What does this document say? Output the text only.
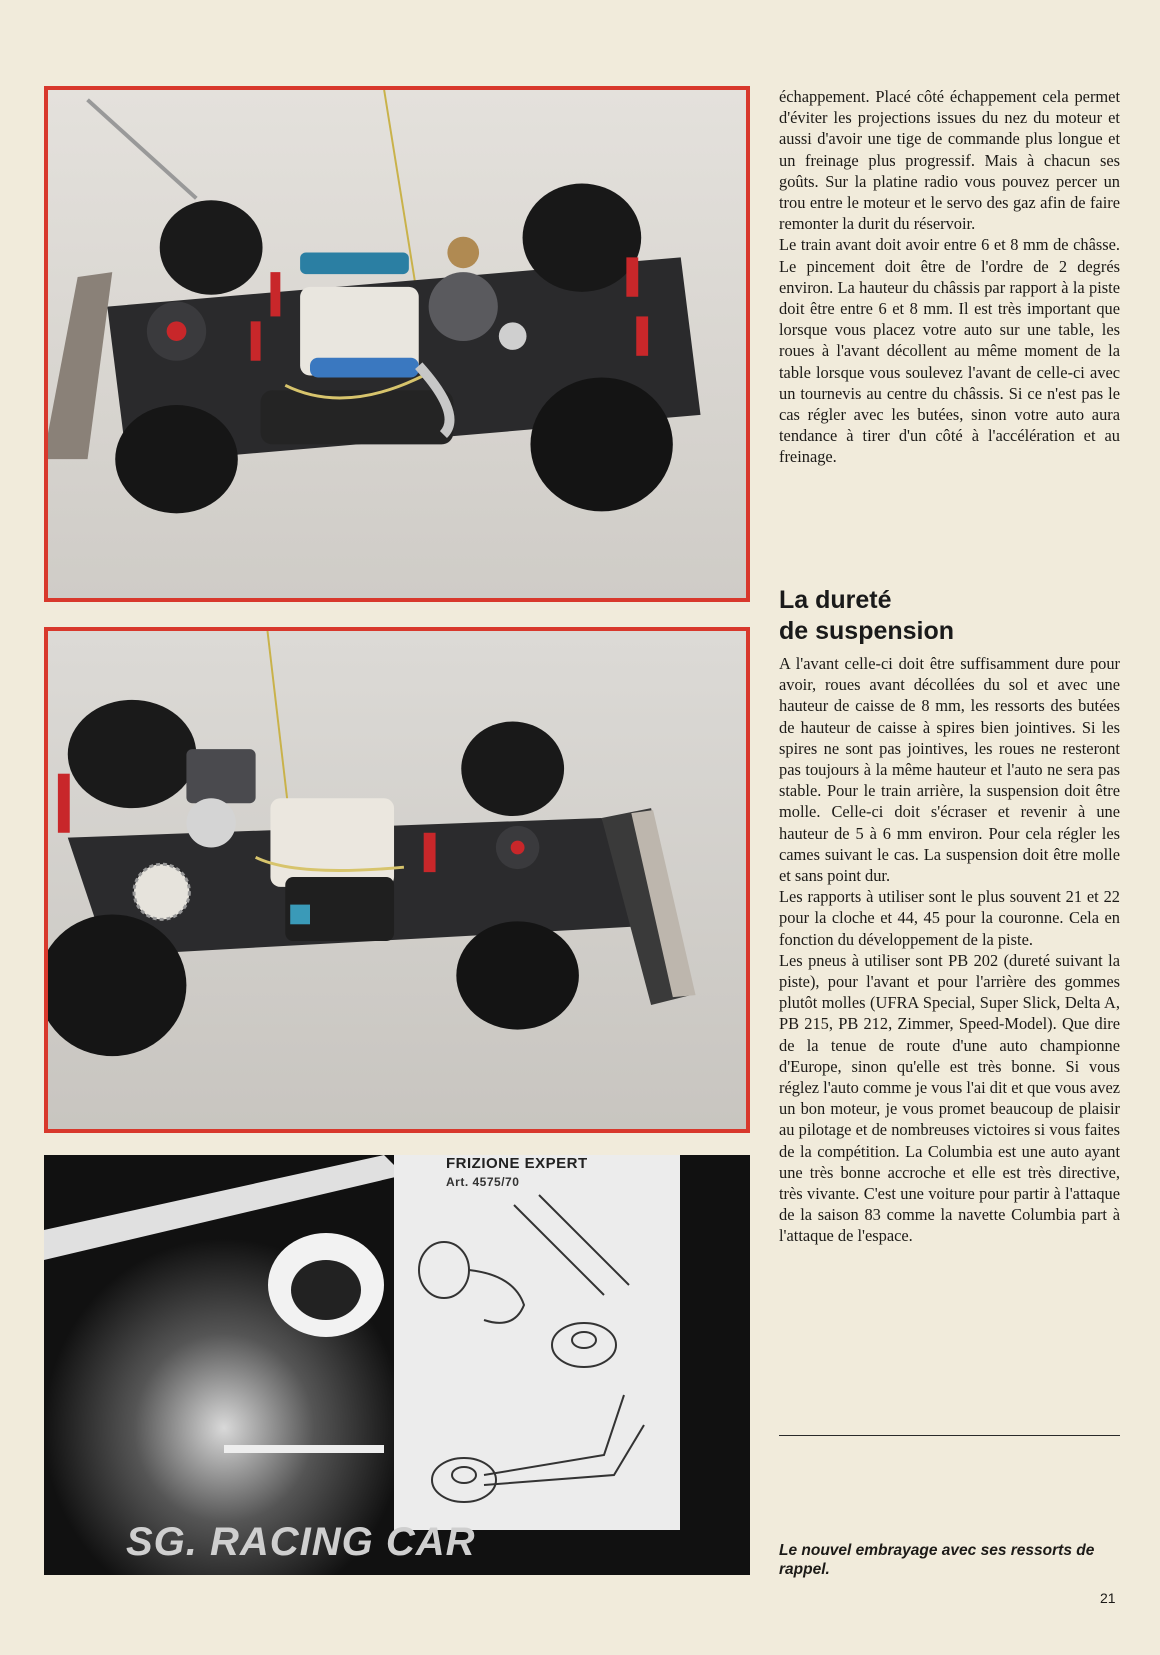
FRIZIONE EXPERT
Art. 4575/70
SG. RACING CAR

échappement. Placé côté échappement cela permet d'éviter les projections issues du nez du moteur et aussi d'avoir une tige de commande plus longue et un freinage plus progressif. Mais à chacun ses goûts. Sur la platine radio vous pouvez percer un trou entre le moteur et le servo des gaz afin de faire remonter la durit du réservoir.

Le train avant doit avoir entre 6 et 8 mm de châsse. Le pincement doit être de l'ordre de 2 degrés environ. La hauteur du châssis par rapport à la piste doit être entre 6 et 8 mm. Il est très important que lorsque vous placez votre auto sur une table, les roues à l'avant décollent au même moment de la table lorsque vous soulevez l'avant de celle-ci avec un tournevis au centre du châssis. Si ce n'est pas le cas régler avec les butées, sinon votre auto aura tendance à tirer d'un côté à l'accélération et au freinage.

La dureté
de suspension

A l'avant celle-ci doit être suffisamment dure pour avoir, roues avant décollées du sol et avec une hauteur de caisse de 8 mm, les ressorts des butées de hauteur de caisse à spires bien jointives. Si les spires ne sont pas jointives, les roues ne resteront pas toujours à la même hauteur et l'auto ne sera pas stable. Pour le train arrière, la suspension doit être molle. Celle-ci doit s'écraser et revenir à une hauteur de 5 à 6 mm environ. Pour cela régler les cames suivant le cas. La suspension doit être molle et sans point dur.

Les rapports à utiliser sont le plus souvent 21 et 22 pour la cloche et 44, 45 pour la couronne. Cela en fonction du développement de la piste.

Les pneus à utiliser sont PB 202 (dureté suivant la piste), pour l'avant et pour l'arrière des gommes plutôt molles (UFRA Special, Super Slick, Delta A, PB 215, PB 212, Zimmer, Speed-Model). Que dire de la tenue de route d'une auto championne d'Europe, sinon qu'elle est très bonne. Si vous réglez l'auto comme je vous l'ai dit et que vous avez un bon moteur, je vous promet beaucoup de plaisir au pilotage et de nombreuses victoires si vous faites de la compétition. La Columbia est une auto ayant une très bonne accroche et elle est très directive, très vivante. C'est une voiture pour partir à l'attaque de la saison 83 comme la navette Columbia part à l'attaque de l'espace.

Le nouvel embrayage avec ses ressorts de rappel.

21
